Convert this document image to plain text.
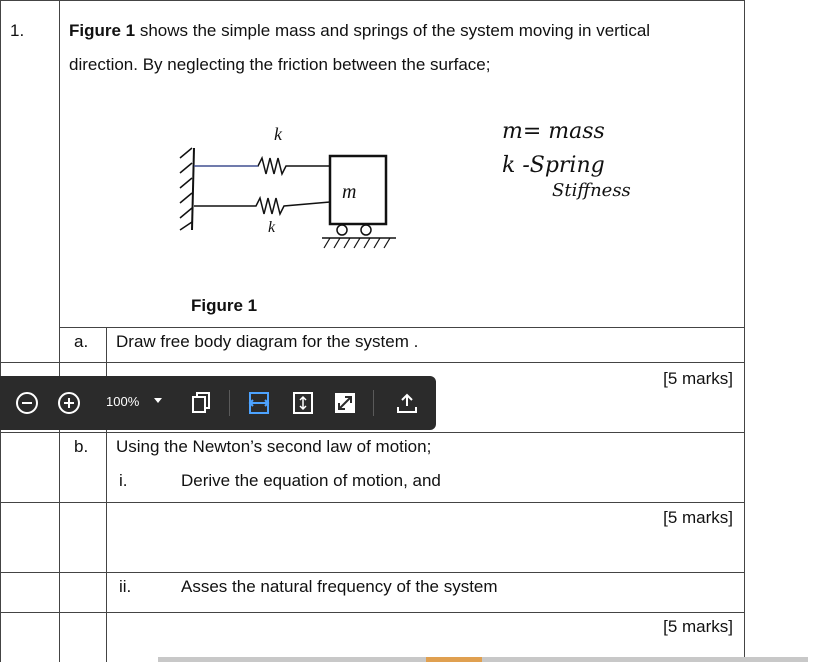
1.	Figure 1 shows the simple mass and springs of the system moving in vertical
direction. By neglecting the friction between the surface;
k
k
m
m= mass
k -Spring
Stiffness
Figure 1
a. Draw free body diagram for the system .
[5 marks]
b. Using the Newton’s second law of motion;
i.	Derive the equation of motion, and
[5 marks]
ii.	Asses the natural frequency of the system
[5 marks]
100%
